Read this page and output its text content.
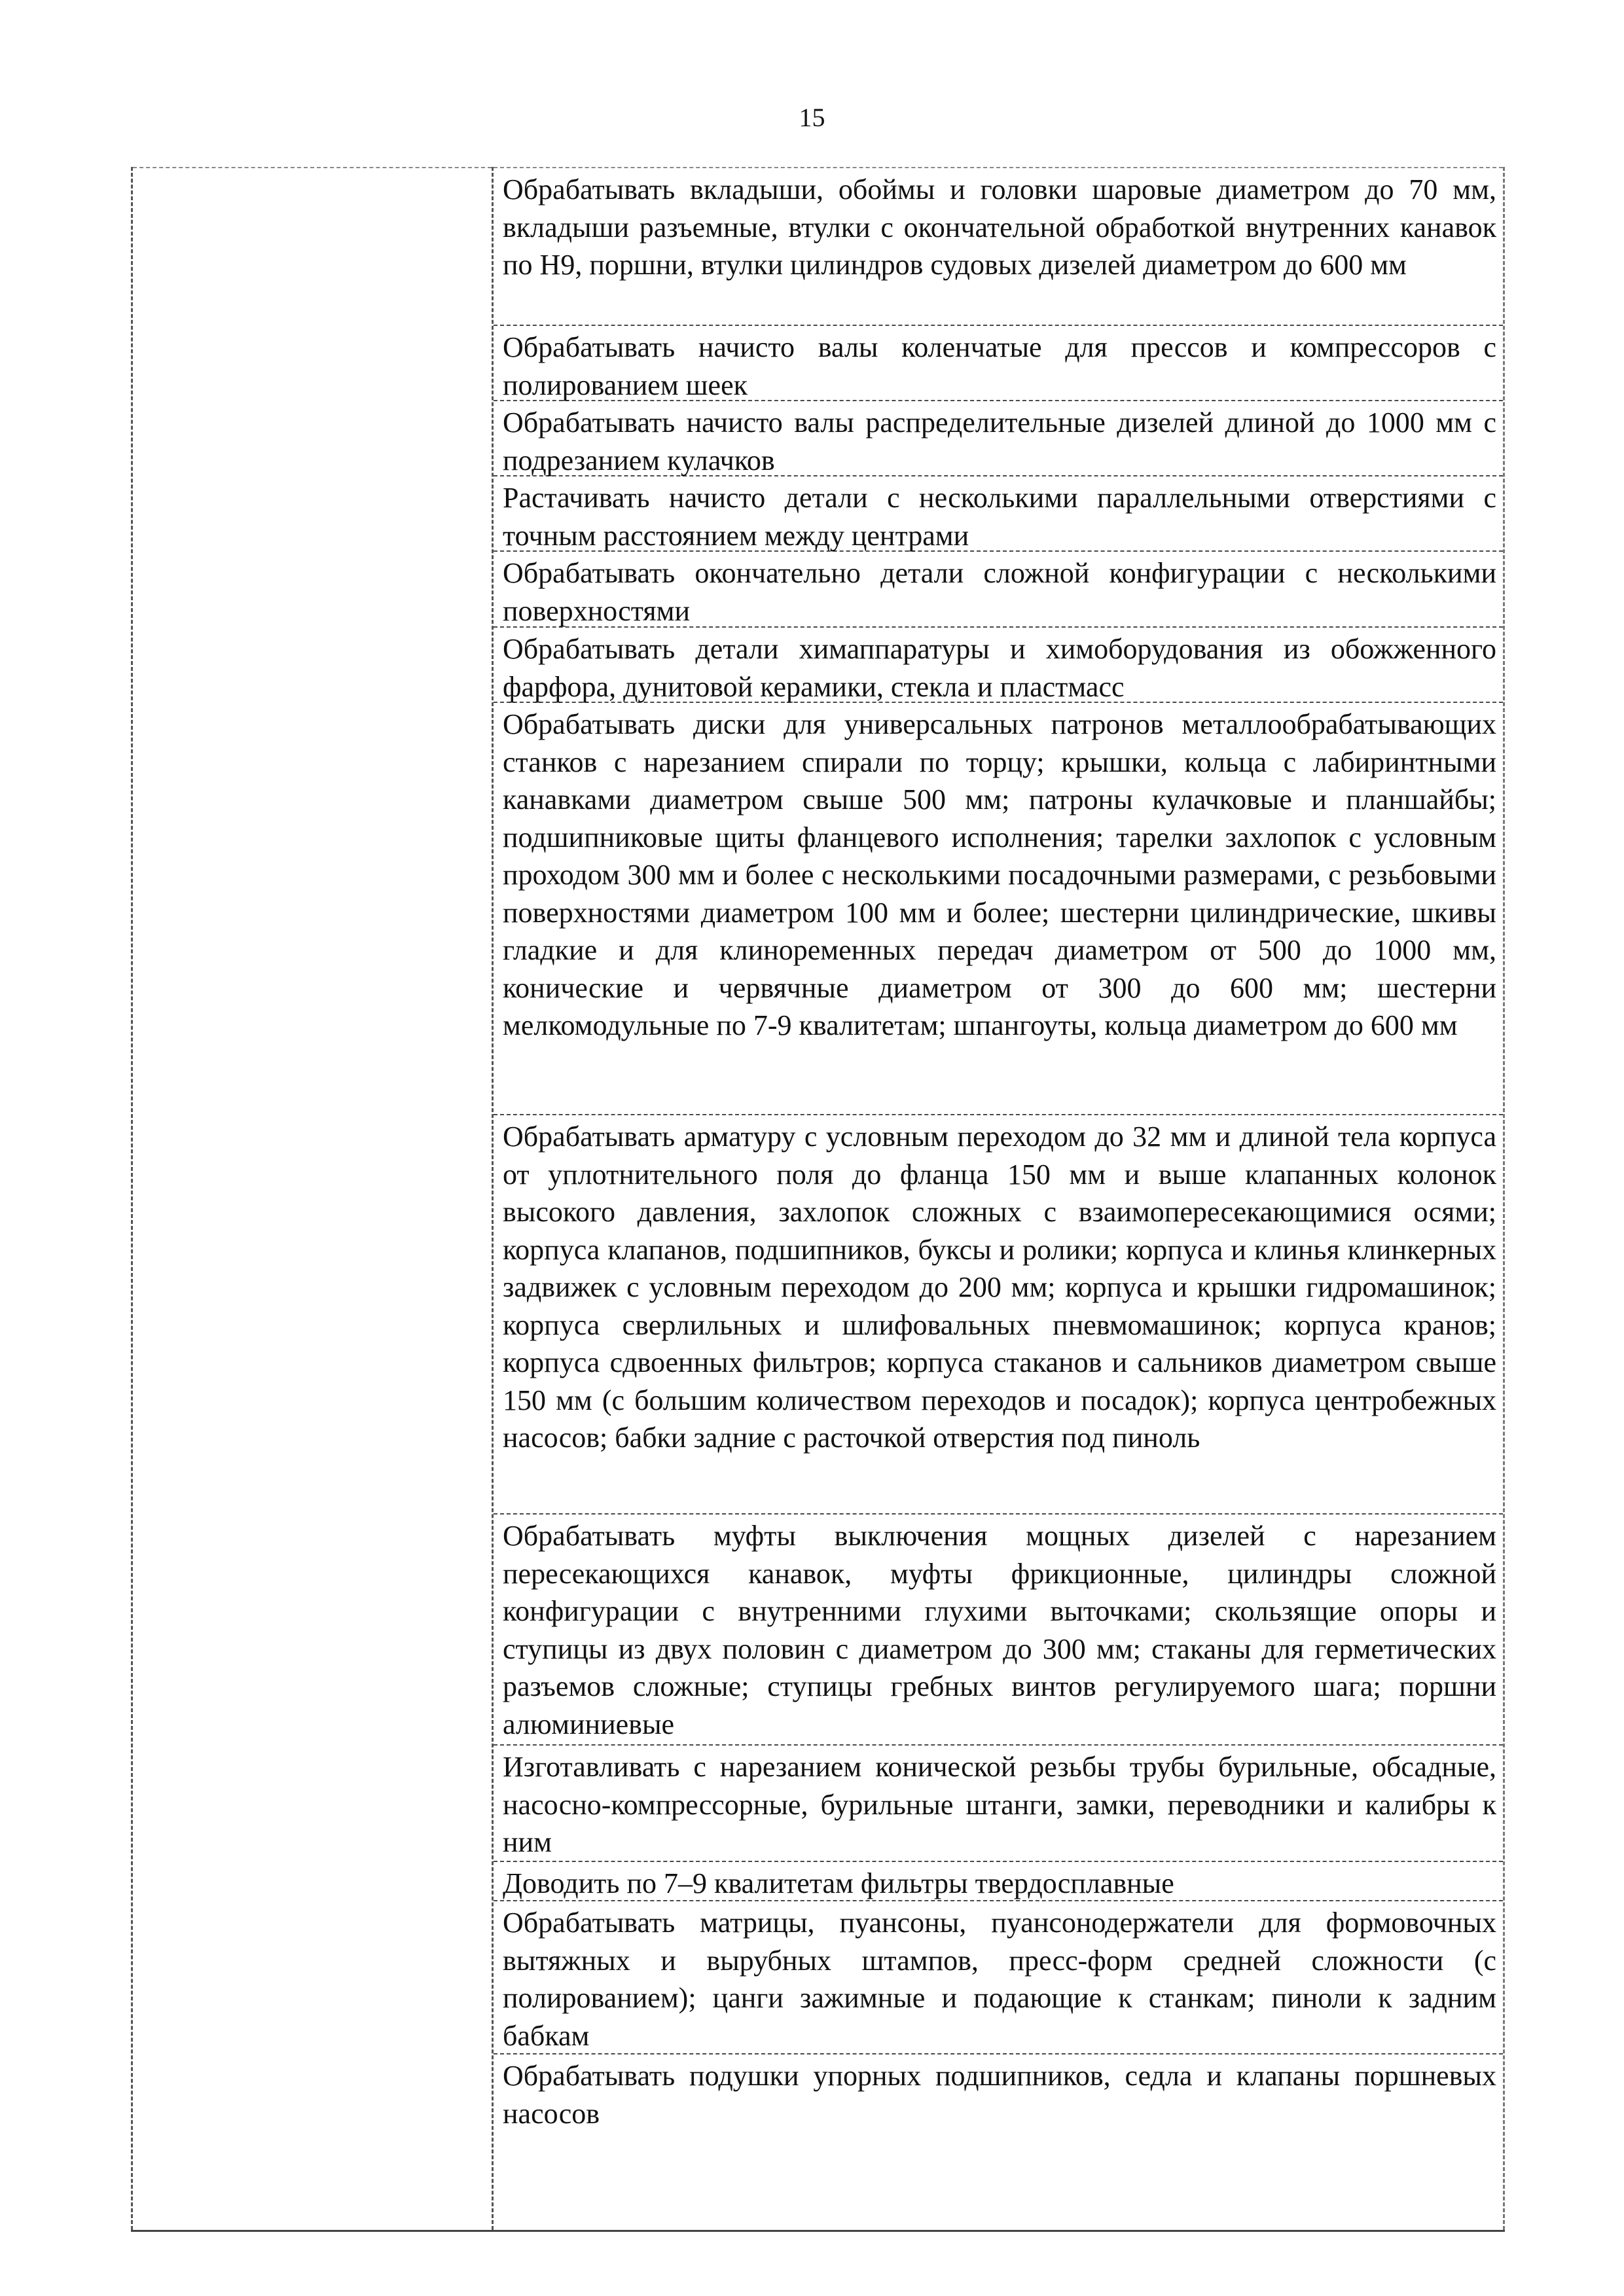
15

Обрабатывать вкладыши, обоймы и головки шаровые диаметром до 70 мм, вкладыши разъемные, втулки с окончательной обработкой внутренних канавок по Н9, поршни, втулки цилиндров судовых дизелей диаметром до 600 мм
Обрабатывать начисто валы коленчатые для прессов и компрессоров с полированием шеек
Обрабатывать начисто валы распределительные дизелей длиной до 1000 мм с подрезанием кулачков
Растачивать начисто детали с несколькими параллельными отверстиями с точным расстоянием между центрами
Обрабатывать окончательно детали сложной конфигурации с несколькими поверхностями
Обрабатывать детали химаппаратуры и химоборудования из обожженного фарфора, дунитовой керамики, стекла и пластмасс
Обрабатывать диски для универсальных патронов металлообрабатывающих станков с нарезанием спирали по торцу; крышки, кольца с лабиринтными канавками диаметром свыше 500 мм; патроны кулачковые и планшайбы; подшипниковые щиты фланцевого исполнения; тарелки захлопок с условным проходом 300 мм и более с несколькими посадочными размерами, с резьбовыми поверхностями диаметром 100 мм и более; шестерни цилиндрические, шкивы гладкие и для клиноременных передач диаметром от 500 до 1000 мм, конические и червячные диаметром от 300 до 600 мм; шестерни мелкомодульные по 7-9 квалитетам; шпангоуты, кольца диаметром до 600 мм
Обрабатывать арматуру с условным переходом до 32 мм и длиной тела корпуса от уплотнительного поля до фланца 150 мм и выше клапанных колонок высокого давления, захлопок сложных с взаимопересекающимися осями; корпуса клапанов, подшипников, буксы и ролики; корпуса и клинья клинкерных задвижек с условным переходом до 200 мм; корпуса и крышки гидромашинок; корпуса сверлильных и шлифовальных пневмомашинок; корпуса кранов; корпуса сдвоенных фильтров; корпуса стаканов и сальников диаметром свыше 150 мм (с большим количеством переходов и посадок); корпуса центробежных насосов; бабки задние с расточкой отверстия под пиноль
Обрабатывать муфты выключения мощных дизелей с нарезанием пересекающихся канавок, муфты фрикционные, цилиндры сложной конфигурации с внутренними глухими выточками; скользящие опоры и ступицы из двух половин с диаметром до 300 мм; стаканы для герметических разъемов сложные; ступицы гребных винтов регулируемого шага; поршни алюминиевые
Изготавливать с нарезанием конической резьбы трубы бурильные, обсадные, насосно-компрессорные, бурильные штанги, замки, переводники и калибры к ним
Доводить по 7–9 квалитетам фильтры твердосплавные
Обрабатывать матрицы, пуансоны, пуансонодержатели для формовочных вытяжных и вырубных штампов, пресс-форм средней сложности (с полированием); цанги зажимные и подающие к станкам; пиноли к задним бабкам
Обрабатывать подушки упорных подшипников, седла и клапаны поршневых насосов
